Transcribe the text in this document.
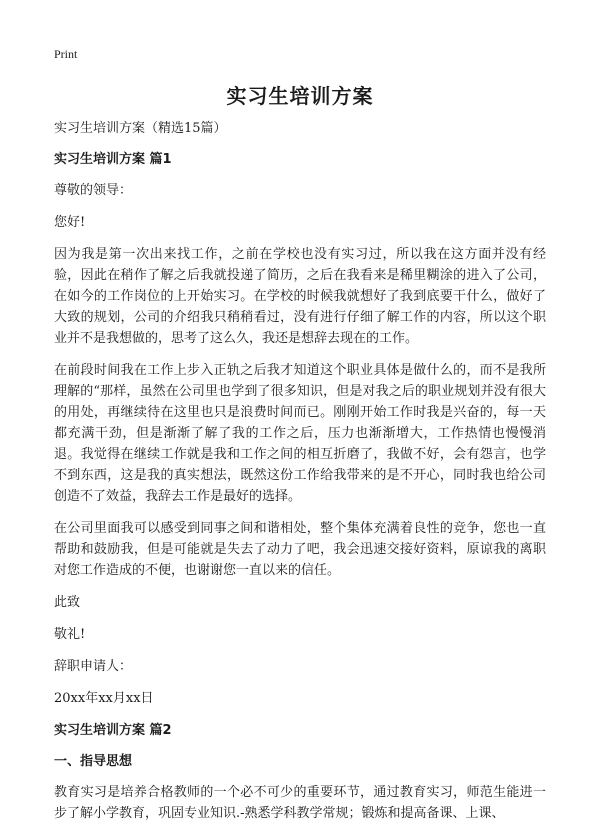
Print
实习生培训方案

实习生培训方案（精选15篇）

实习生培训方案 篇1

尊敬的领导：

您好!

因为我是第一次出来找工作，之前在学校也没有实习过，所以我在这方面并没有经验，因此在稍作了解之后我就投递了简历，之后在我看来是稀里糊涂的进入了公司，在如今的工作岗位的上开始实习。在学校的时候我就想好了我到底要干什么，做好了大致的规划，公司的介绍我只稍稍看过，没有进行仔细了解工作的内容，所以这个职业并不是我想做的，思考了这么久，我还是想辞去现在的工作。

在前段时间我在工作上步入正轨之后我才知道这个职业具体是做什么的，而不是我所理解的“那样，虽然在公司里也学到了很多知识，但是对我之后的职业规划并没有很大的用处，再继续待在这里也只是浪费时间而已。刚刚开始工作时我是兴奋的，每一天都充满干劲，但是渐渐了解了我的工作之后，压力也渐渐增大，工作热情也慢慢消退。我觉得在继续工作就是我和工作之间的相互折磨了，我做不好，会有怨言，也学不到东西，这是我的真实想法，既然这份工作给我带来的是不开心，同时我也给公司创造不了效益，我辞去工作是最好的选择。

在公司里面我可以感受到同事之间和谐相处，整个集体充满着良性的竞争，您也一直帮助和鼓励我，但是可能就是失去了动力了吧，我会迅速交接好资料，原谅我的离职对您工作造成的不便，也谢谢您一直以来的信任。

此致

敬礼!

辞职申请人：

20xx年xx月xx日

实习生培训方案 篇2

一、指导思想

教育实习是培养合格教师的一个必不可少的重要环节，通过教育实习，师范生能进一步了解小学教育，巩固专业知识.-熟悉学科教学常规；锻炼和提高备课、上课、
